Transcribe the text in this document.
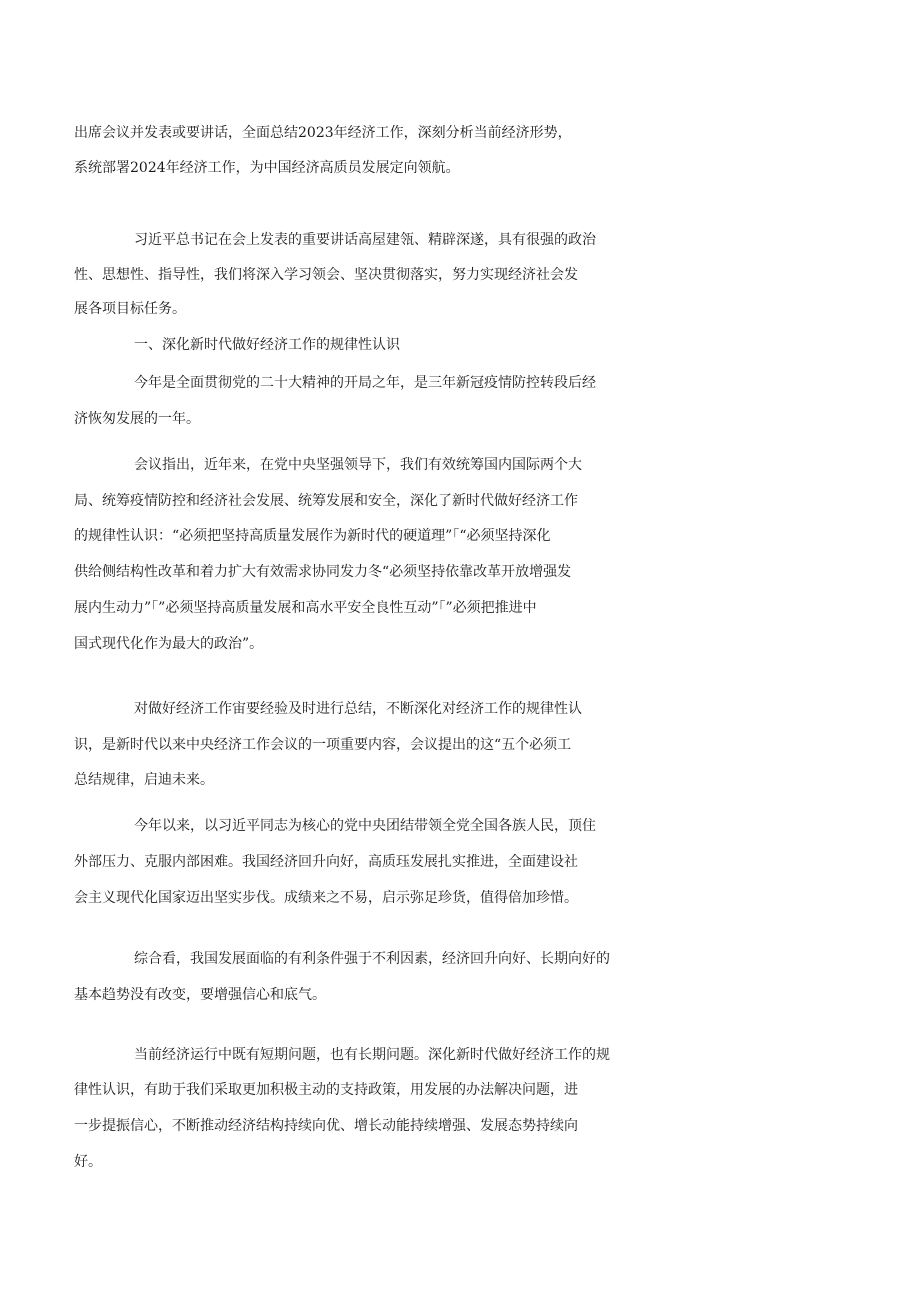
出席会议并发表或要讲话，全面总结2023年经济工作，深刻分析当前经济形势，
系统部署2024年经济工作，为中国经济高质员发展定向领航。
习近平总书记在会上发表的重要讲话高屋建瓴、精辟深遂，具有很强的政治
性、思想性、指导性，我们将深入学习领会、坚决贯彻落实，努力实现经济社会发
展各项目标任务。
一、深化新时代做好经济工作的规律性认识
今年是全面贯彻党的二十大精神的开局之年，是三年新冠疫情防控转段后经
济恢匆发展的一年。
会议指出，近年来，在党中央坚强领导下，我们有效统筹国内国际两个大
局、统筹疫情防控和经济社会发展、统筹发展和安全，深化了新时代做好经济工作
的规律性认识：“必须把坚持高质量发展作为新时代的硬道理”「“必须坚持深化
供给侧结构性改革和着力扩大有效需求协同发力冬“必须坚持依靠改革开放增强发
展内生动力”「”必须坚持高质量发展和高水平安全良性互动”「”必须把推进中
国式现代化作为最大的政治”。
对做好经济工作宙要经验及时进行总结，不断深化对经济工作的规律性认
识，是新时代以来中央经济工作会议的一项重要内容，会议提出的这“五个必须工
总结规律，启迪未来。
今年以来，以习近平同志为核心的党中央团结带领全党全国各族人民，顶住
外部压力、克服内部困难。我国经济回升向好，高质珏发展扎实推进，全面建设社
会主义现代化国家迈出坚实步伐。成绩来之不易，启示弥足珍货，值得倍加珍惜。
综合看，我国发展面临的有利条件强于不利因素，经济回升向好、长期向好的
基本趋势没有改变，要增强信心和底气。
当前经济运行中既有短期问题，也有长期问题。深化新时代做好经济工作的规
律性认识，有助于我们采取更加积极主动的支持政策，用发展的办法解决问题，进
一步提振信心，不断推动经济结构持续向优、增长动能持续增强、发展态势持续向
好。
